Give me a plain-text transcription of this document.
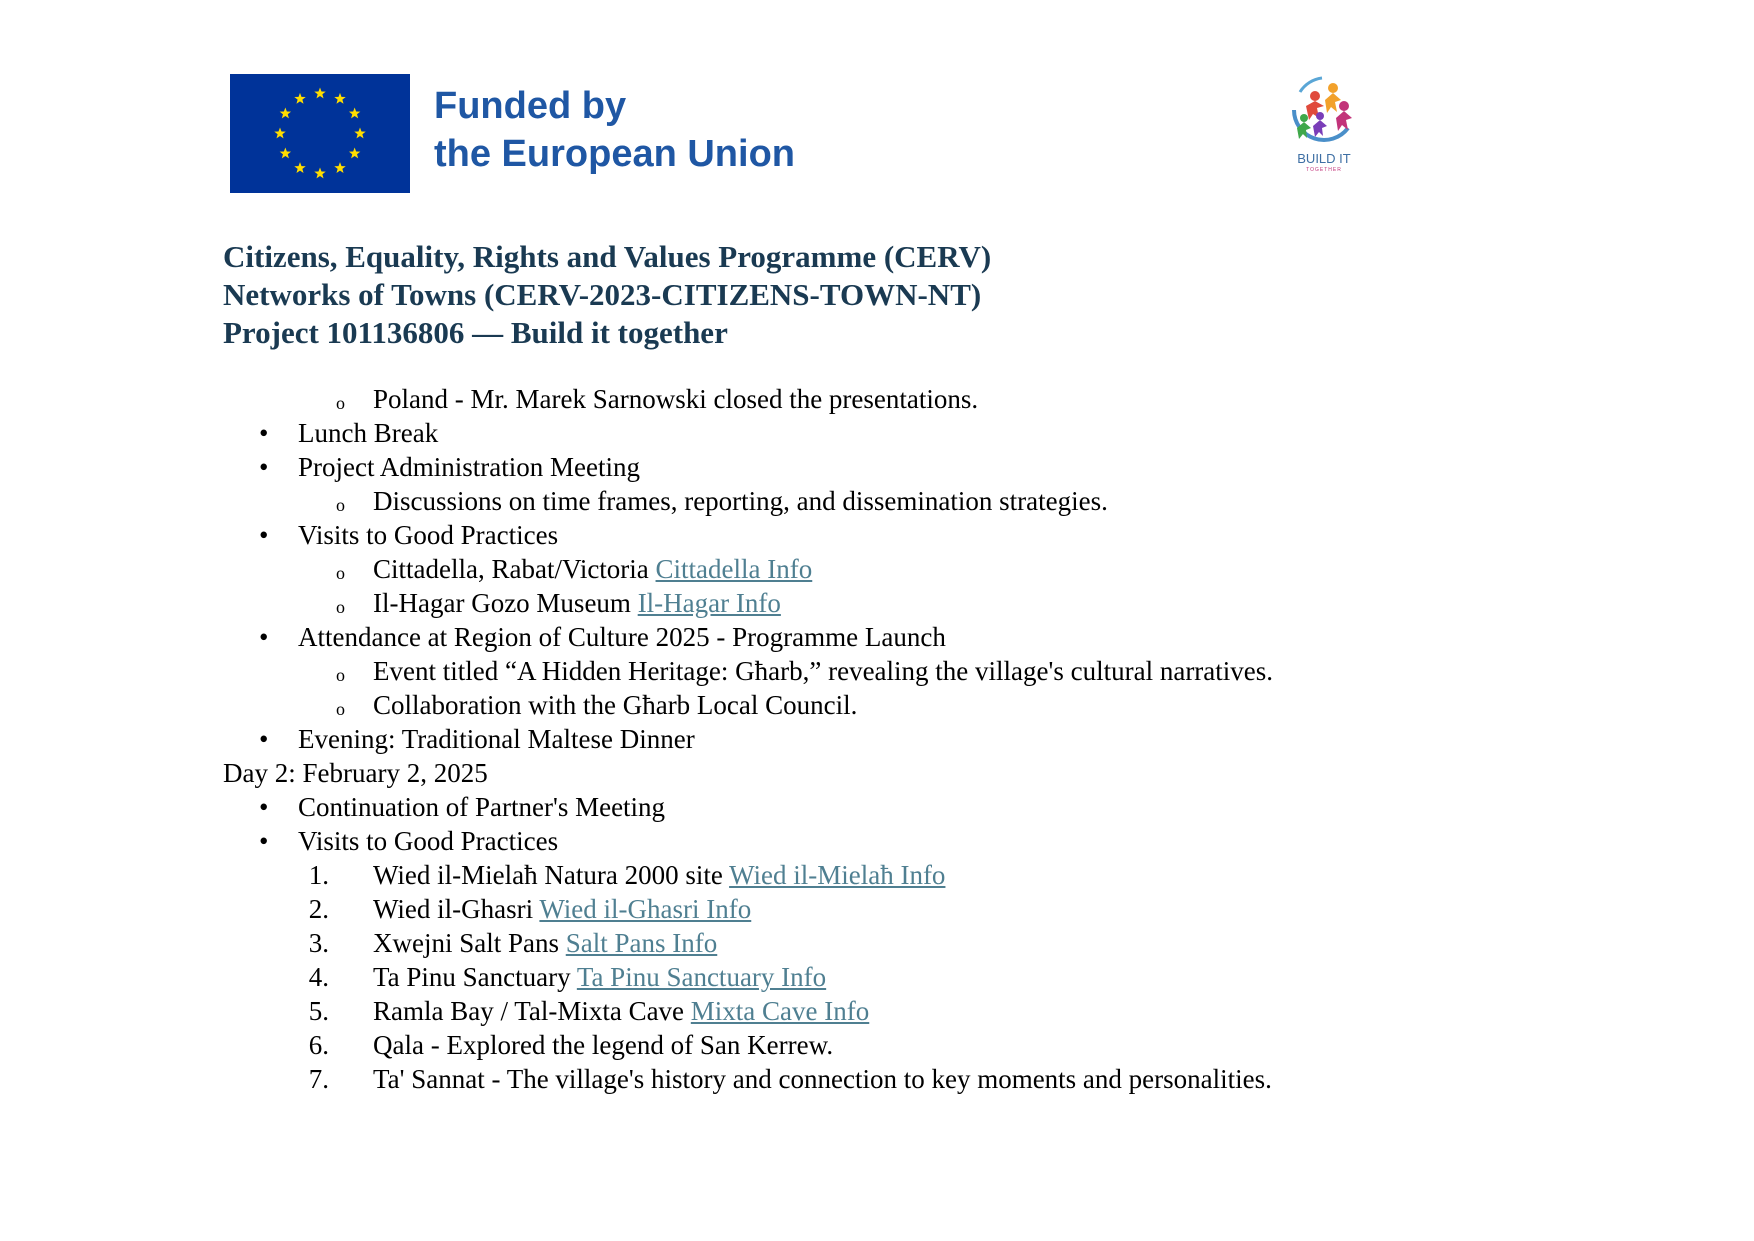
Funded by
the European Union	BUILD IT
TOGETHER
Citizens, Equality, Rights and Values Programme (CERV)
Networks of Towns (CERV-2023-CITIZENS-TOWN-NT)
Project 101136806 — Build it together
o Poland - Mr. Marek Sarnowski closed the presentations.
• Lunch Break
• Project Administration Meeting
o Discussions on time frames, reporting, and dissemination strategies.
• Visits to Good Practices
o Cittadella, Rabat/Victoria Cittadella Info
o Il-Hagar Gozo Museum Il-Hagar Info
• Attendance at Region of Culture 2025 - Programme Launch
o Event titled “A Hidden Heritage: Għarb,” revealing the village's cultural narratives.
o Collaboration with the Għarb Local Council.
• Evening: Traditional Maltese Dinner
Day 2: February 2, 2025
• Continuation of Partner's Meeting
• Visits to Good Practices
1. Wied il-Mielaħ Natura 2000 site Wied il-Mielaħ Info
2. Wied il-Ghasri Wied il-Ghasri Info
3. Xwejni Salt Pans Salt Pans Info
4. Ta Pinu Sanctuary Ta Pinu Sanctuary Info
5. Ramla Bay / Tal-Mixta Cave Mixta Cave Info
6. Qala - Explored the legend of San Kerrew.
7. Ta' Sannat - The village's history and connection to key moments and personalities.
